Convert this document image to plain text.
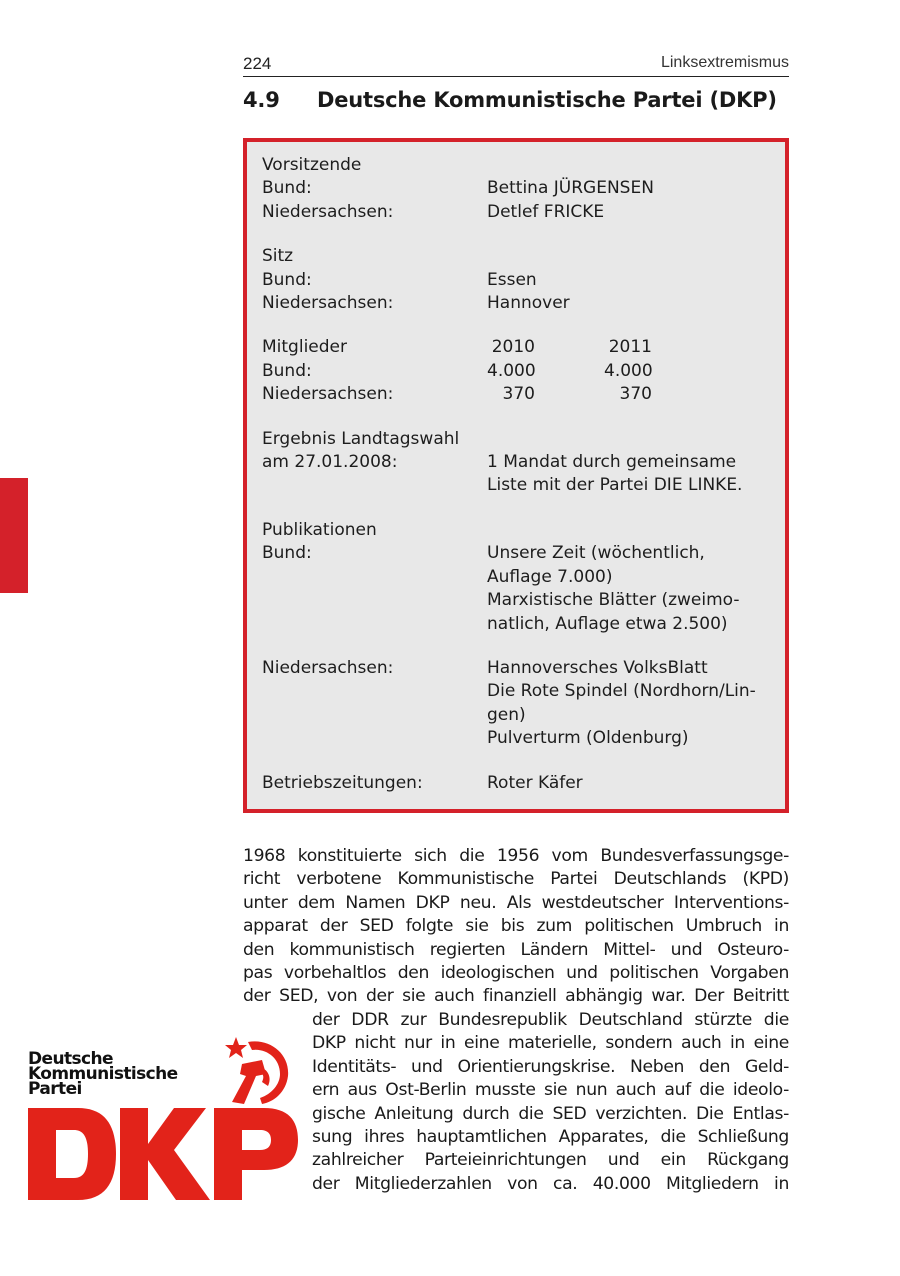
224	Linksextremismus
4.9 Deutsche Kommunistische Partei (DKP)
Vorsitzende
Bund:	Bettina JÜRGENSEN
Niedersachsen:	Detlef FRICKE
Sitz
Bund:	Essen
Niedersachsen:	Hannover
Mitglieder	2010	2011
Bund:	4.000	4.000
Niedersachsen:	370	370
Ergebnis Landtagswahl
am 27.01.2008:	1 Mandat durch gemeinsame
Liste mit der Partei DIE LINKE.
Publikationen
Bund:	Unsere Zeit (wöchentlich,
Auflage 7.000)
Marxistische Blätter (zweimo-
natlich, Auflage etwa 2.500)
Niedersachsen:	Hannoversches VolksBlatt
Die Rote Spindel (Nordhorn/Lin-
gen)
Pulverturm (Oldenburg)
Betriebszeitungen:	Roter Käfer
1968 konstituierte sich die 1956 vom Bundesverfassungsge-
richt verbotene Kommunistische Partei Deutschlands (KPD)
unter dem Namen DKP neu. Als westdeutscher Interventions-
apparat der SED folgte sie bis zum politischen Umbruch in
den kommunistisch regierten Ländern Mittel- und Osteuro-
pas vorbehaltlos den ideologischen und politischen Vorgaben
der SED, von der sie auch finanziell abhängig war. Der Beitritt
der DDR zur Bundesrepublik Deutschland stürzte die
DKP nicht nur in eine materielle, sondern auch in eine
Identitäts- und Orientierungskrise. Neben den Geld-
ern aus Ost-Berlin musste sie nun auch auf die ideolo-
gische Anleitung durch die SED verzichten. Die Entlas-
sung ihres hauptamtlichen Apparates, die Schließung
zahlreicher Parteieinrichtungen und ein Rückgang
der Mitgliederzahlen von ca. 40.000 Mitgliedern in
Deutsche
Kommunistische
Partei
